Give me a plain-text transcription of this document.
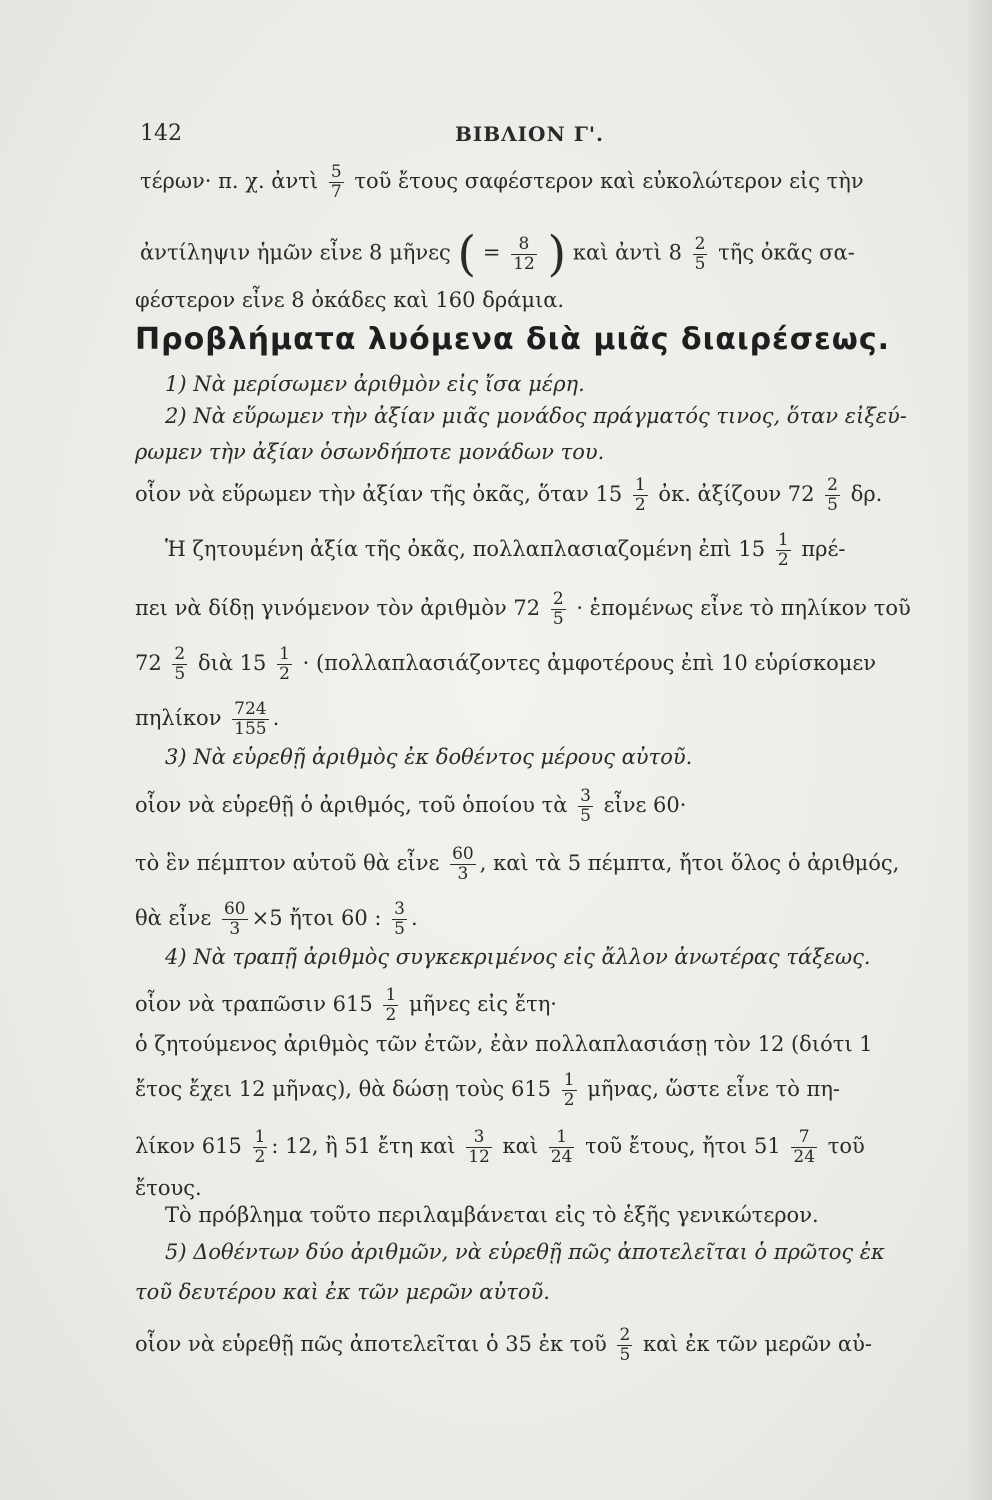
142	ΒΙΒΛΙΟΝ Γ'.
τέρων· π. χ. ἀντὶ $\frac{5}{7}$ τοῦ ἔτους σαφέστερον καὶ εὐκολώτερον εἰς τὴν
ἀντίληψιν ἡμῶν εἶνε 8 μῆνες ( = $\frac{8}{12}$ ) καὶ ἀντὶ $8 \frac{2}{5}$ τῆς ὀκᾶς σα-
φέστερον εἶνε 8 ὀκάδες καὶ 160 δράμια.
Προβλήματα λυόμενα διὰ μιᾶς διαιρέσεως.
1) Νὰ μερίσωμεν ἀριθμὸν εἰς ἴσα μέρη.
2) Νὰ εὕρωμεν τὴν ἀξίαν μιᾶς μονάδος πράγματός τινος, ὅταν εἰξεύ-
ρωμεν τὴν ἀξίαν ὁσωνδήποτε μονάδων του.
οἷον νὰ εὕρωμεν τὴν ἀξίαν τῆς ὀκᾶς, ὅταν $15 \frac{1}{2}$ ὀκ. ἀξίζουν $72 \frac{2}{5} \delta\rho$.
Ἡ ζητουμένη ἀξία τῆς ὀκᾶς, πολλαπλασιαζομένη ἐπὶ $15 \frac{1}{2} \pi\rho έ-$
πει νὰ δίδῃ γινόμενον τὸν ἀριθμὸν $72 \frac{2}{5}$ · ἑπομένως εἶνε τὸ πηλίκον τοῦ
$72 \frac{2}{5}$ διὰ $15 \frac{1}{2} \cdot (\pi o\lambda\lambda\alpha\pi\lambda\alpha\sigma\iota ά\zeta o\nu\tau\varepsilon\varsigma$ ἀμφοτέρους ἐπὶ 10 εὑρίσκομεν
πηλίκον $\frac{724}{155}$ .
3) Νὰ εὑρεθῇ ἀριθμὸς ἐκ δοθέντος μέρους αὐτοῦ.
οἷον νὰ εὑρεθῇ ὁ ἀριθμός, τοῦ ὁποίου τὰ $\frac{3}{5}$ εἶνε 60·
τὸ ἓν πέμπτον αὐτοῦ θὰ εἶνε $\frac{60}{3}$ , καὶ τὰ 5 πέμπτα, ἤτοι ὅλος ὁ ἀριθμός,
θὰ εἶνε $\frac{60}{3} \times 5$ ἤτοι 60 : $\frac{3}{5}$ .
4) Νὰ τραπῇ ἀριθμὸς συγκεκριμένος εἰς ἄλλον ἀνωτέρας τάξεως.
οἷον νὰ τραπῶσιν $615 \frac{1}{2}$ μῆνες εἰς ἔτη·
ὁ ζητούμενος ἀριθμὸς τῶν ἐτῶν, ἐὰν πολλαπλασιάσῃ τὸν 12 (διότι 1
ἔτος ἔχει 12 μῆνας), θὰ δώσῃ τοὺς $615 \frac{1}{2}$ μῆνας, ὥστε εἶνε τὸ πη-
λίκον $615 \frac{1}{2}$ : 12, ἢ 51 ἔτη καὶ $\frac{3}{12}$ καὶ $\frac{1}{24}$ τοῦ ἔτους, ἤτοι $51 \frac{7}{24}$ τοῦ
ἔτους.
Τὸ πρόβλημα τοῦτο περιλαμβάνεται εἰς τὸ ἑξῆς γενικώτερον.
5) Δοθέντων δύο ἀριθμῶν, νὰ εὑρεθῇ πῶς ἀποτελεῖται ὁ πρῶτος ἐκ
τοῦ δευτέρου καὶ ἐκ τῶν μερῶν αὐτοῦ.
οἷον νὰ εὑρεθῇ πῶς ἀποτελεῖται ὁ 35 ἐκ τοῦ $\frac{2}{5}$ καὶ ἐκ τῶν μερῶν αὐ-
